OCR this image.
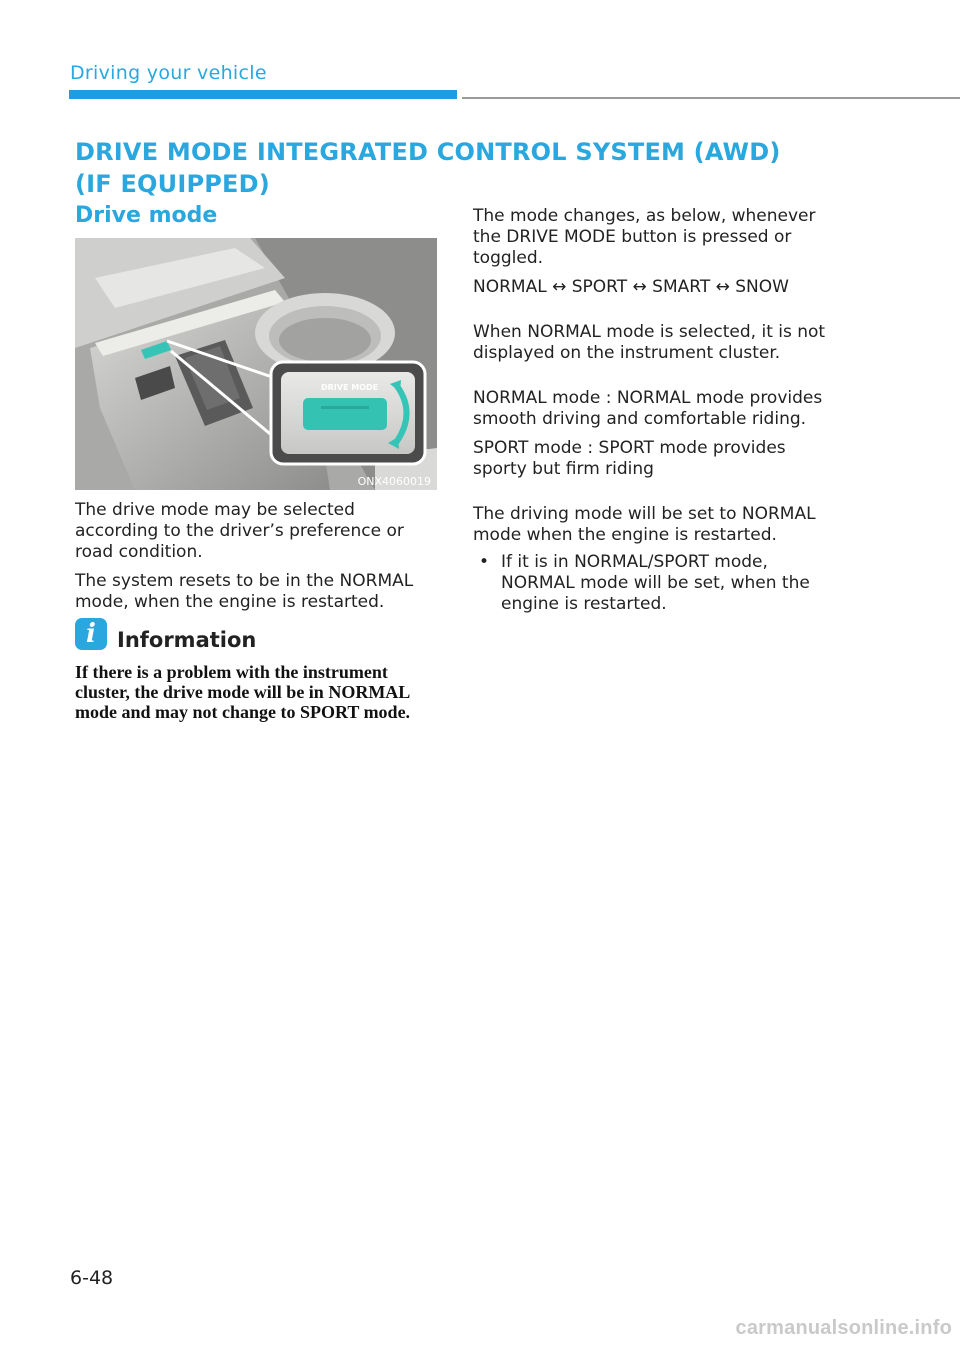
Driving your vehicle
DRIVE MODE INTEGRATED CONTROL SYSTEM (AWD)
(IF EQUIPPED)
Drive mode
DRIVE MODE
ONX4060019

The drive mode may be selected according to the driver’s preference or road condition.

The system resets to be in the NORMAL mode, when the engine is restarted.

i	Information
If there is a problem with the instrument cluster, the drive mode will be in NORMAL mode and may not change to SPORT mode.

The mode changes, as below, whenever the DRIVE MODE button is pressed or toggled.

NORMAL ↔ SPORT ↔ SMART ↔ SNOW

When NORMAL mode is selected, it is not displayed on the instrument cluster.

NORMAL mode : NORMAL mode provides smooth driving and comfortable riding.

SPORT mode : SPORT mode provides sporty but firm riding

The driving mode will be set to NORMAL mode when the engine is restarted.

• If it is in NORMAL/SPORT mode, NORMAL mode will be set, when the engine is restarted.
6-48
carmanualsonline.info
